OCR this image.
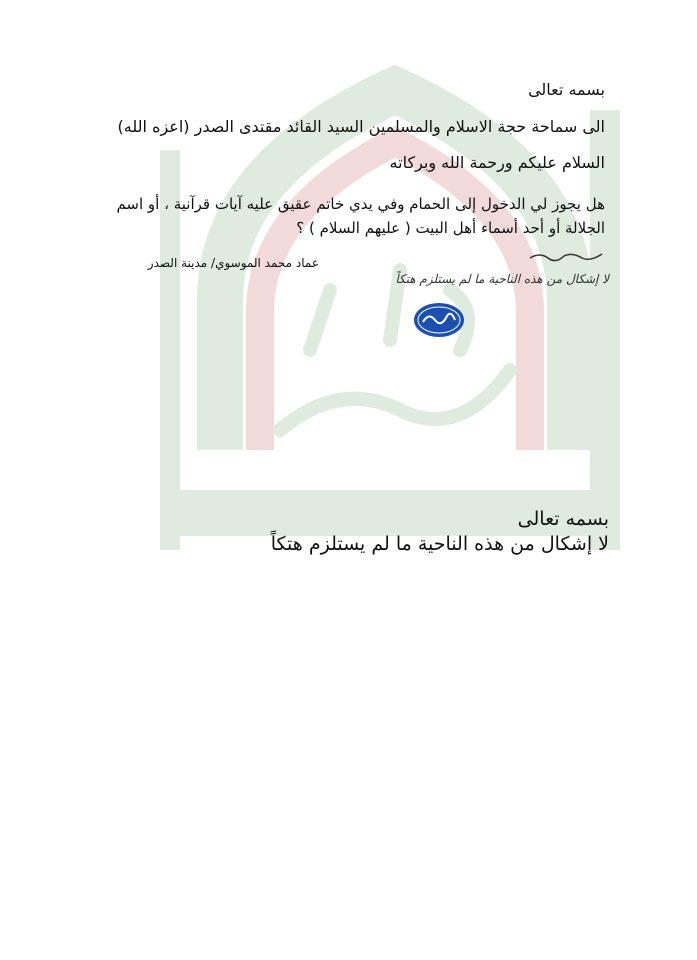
بسمه تعالى
الى سماحة حجة الاسلام والمسلمين السيد القائد مقتدى الصدر (اعزه الله)
السلام عليكم ورحمة الله وبركاته
هل يجوز لي الدخول إلى الحمام وفي يدي خاتم عقيق عليه آيات قرآنية ، أو اسم
الجلالة أو أحد أسماء أهل البيت ( عليهم السلام ) ؟
عماد محمد الموسوي/ مدينة الصدر
لا إشكال من هذه الناحية ما لم يستلزم هتكاً
بسمه تعالى
لا إشكال من هذه الناحية ما لم يستلزم هتكاً
